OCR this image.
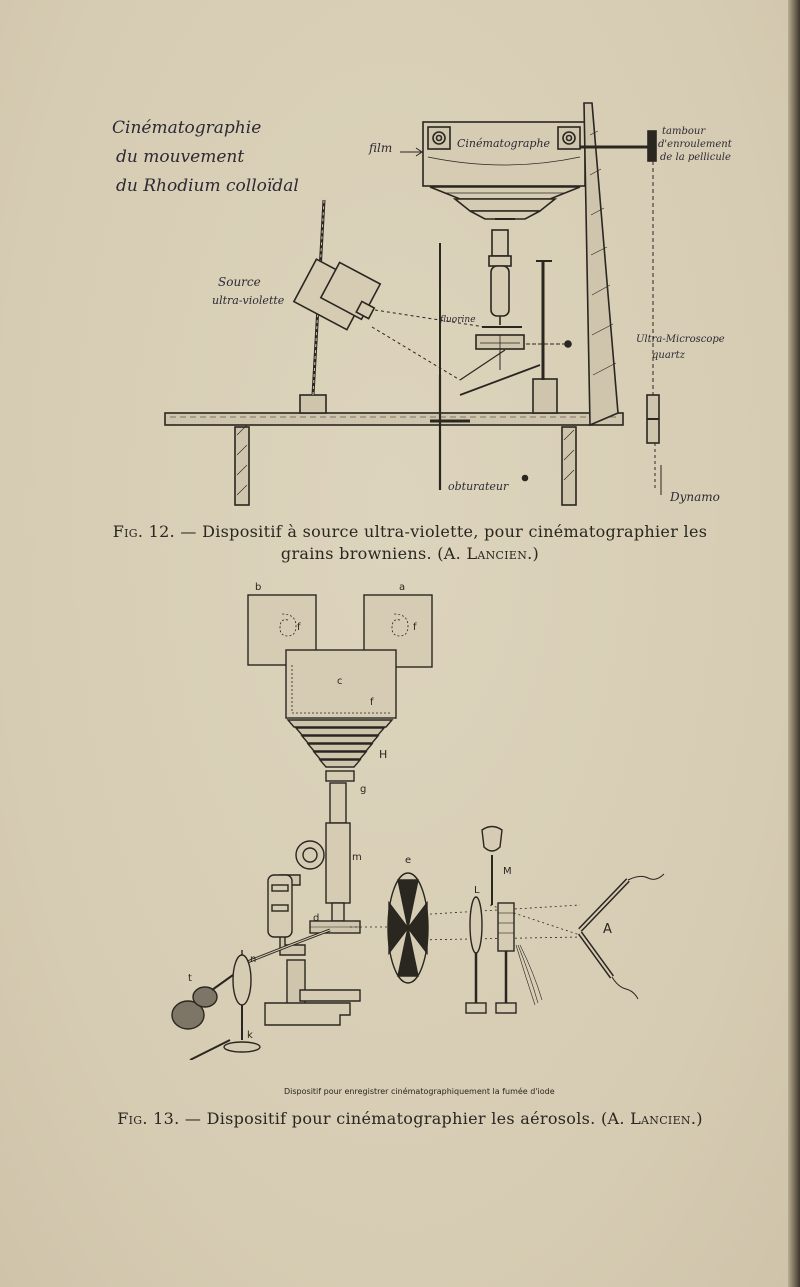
Cinématographie
du mouvement
du Rhodium colloïdal
film	Cinématographe
Source
ultra-violette
fluorine
tambour
d'enroulement
de la pellicule
Ultra-Microscope
quartz
obturateur
Dynamo
Fig. 12. — Dispositif à source ultra-violette, pour cinématographier les grains browniens. (A. Lancien.)
b	a
f	f
c
f
H
g
m	e
M
L
d
A
t
n
k
Dispositif pour enregistrer cinématographiquement la fumée d'iode
Fig. 13. — Dispositif pour cinématographier les aérosols. (A. Lancien.)
